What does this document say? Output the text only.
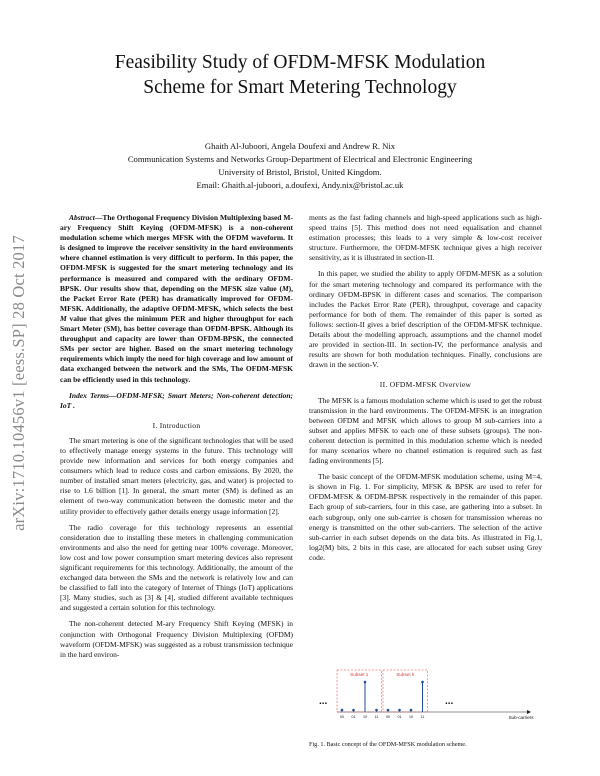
arXiv:1710.10456v1 [eess.SP] 28 Oct 2017
Feasibility Study of OFDM-MFSK Modulation
Scheme for Smart Metering Technology
Ghaith Al-Juboori, Angela Doufexi and Andrew R. Nix
Communication Systems and Networks Group-Department of Electrical and Electronic Engineering
University of Bristol, Bristol, United Kingdom.
Email: Ghaith.al-juboori, a.doufexi, Andy.nix@bristol.ac.uk

Abstract—The Orthogonal Frequency Division Multiplexing based M-ary Frequency Shift Keying (OFDM-MFSK) is a non-coherent modulation scheme which merges MFSK with the OFDM waveform. It is designed to improve the receiver sensitivity in the hard environments where channel estimation is very difficult to perform. In this paper, the OFDM-MFSK is suggested for the smart metering technology and its performance is measured and compared with the ordinary OFDM-BPSK. Our results show that, depending on the MFSK size value (M), the Packet Error Rate (PER) has dramatically improved for OFDM-MFSK. Additionally, the adaptive OFDM-MFSK, which selects the best M value that gives the minimum PER and higher throughput for each Smart Meter (SM), has better coverage than OFDM-BPSK. Although its throughput and capacity are lower than OFDM-BPSK, the connected SMs per sector are higher. Based on the smart metering technology requirements which imply the need for high coverage and low amount of data exchanged between the network and the SMs, The OFDM-MFSK can be efficiently used in this technology.

Index Terms—OFDM-MFSK; Smart Meters; Non-coherent detection; IoT .

I. Introduction

The smart metering is one of the significant technologies that will be used to effectively manage energy systems in the future. This technology will provide new information and services for both energy companies and consumers which lead to reduce costs and carbon emissions. By 2020, the number of installed smart meters (electricity, gas, and water) is projected to rise to 1.6 billion [1]. In general, the smart meter (SM) is defined as an element of two-way communication between the domestic meter and the utility provider to effectively gather details energy usage information [2].

The radio coverage for this technology represents an essential consideration due to installing these meters in challenging communication environments and also the need for getting near 100% coverage. Moreover, low cost and low power consumption smart metering devices also represent significant requirements for this technology. Additionally, the amount of the exchanged data between the SMs and the network is relatively low and can be classified to fall into the category of Internet of Things (IoT) applications [3]. Many studies, such as [3] & [4], studied different available techniques and suggested a certain solution for this technology.

The non-coherent detected M-ary Frequency Shift Keying (MFSK) in conjunction with Orthogonal Frequency Division Multiplexing (OFDM) waveform (OFDM-MFSK) was suggested as a robust transmission technique in the hard environ-

ments as the fast fading channels and high-speed applications such as high-speed trains [5]. This method does not need equalisation and channel estimation processes; this leads to a very simple & low-cost receiver structure. Furthermore, the OFDM-MFSK technique gives a high receiver sensitivity, as it is illustrated in section-II.

In this paper, we studied the ability to apply OFDM-MFSK as a solution for the smart metering technology and compared its performance with the ordinary OFDM-BPSK in different cases and scenarios. The comparison includes the Packet Error Rate (PER), throughput, coverage and capacity performance for both of them. The remainder of this paper is sorted as follows: section-II gives a brief description of the OFDM-MFSK technique. Details about the modelling approach, assumptions and the channel model are provided in section-III. In section-IV, the performance analysis and results are shown for both modulation techniques. Finally, conclusions are drawn in the section-V.

II. OFDM-MFSK Overview

The MFSK is a famous modulation scheme which is used to get the robust transmission in the hard environments. The OFDM-MFSK is an integration between OFDM and MFSK which allows to group M sub-carriers into a subset and applies MFSK to each one of these subsets (groups). The non-coherent detection is permitted in this modulation scheme which is needed for many scenarios where no channel estimation is required such as fast fading environments [5].

The basic concept of the OFDM-MFSK modulation scheme, using M=4, is shown in Fig. 1. For simplicity, MFSK & BPSK are used to refer for OFDM-MFSK & OFDM-BPSK respectively in the remainder of this paper. Each group of sub-carriers, four in this case, are gathering into a subset. In each subgroup, only one sub-carrier is chosen for transmission whereas no energy is transmitted on the other sub-carriers. The selection of the active sub-carrier in each subset depends on the data bits. As illustrated in Fig.1, log2(M) bits, 2 bits in this case, are allocated for each subset using Grey code.

...	...
Subset 1	Subset k
00 01 10 11 00 01 10 11	Sub-carriers
Fig. 1. Basic concept of the OFDM-MFSK modulation scheme.
